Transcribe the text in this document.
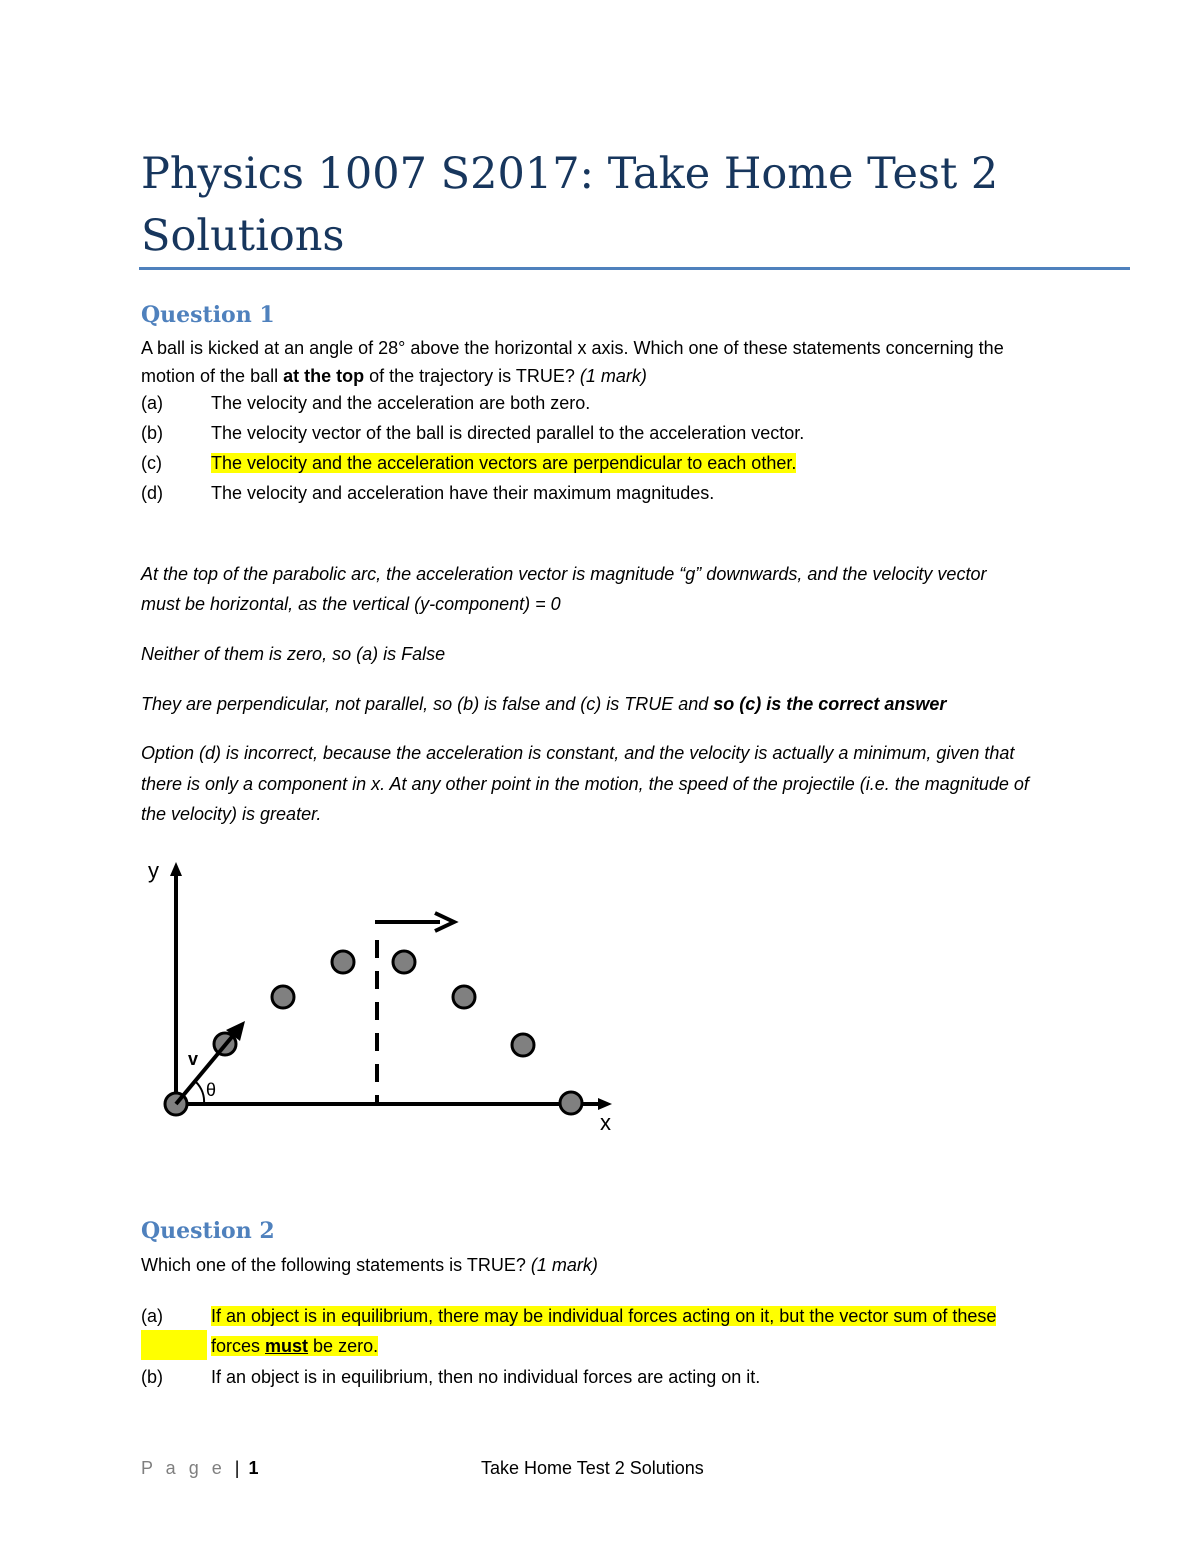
Physics 1007 S2017: Take Home Test 2 Solutions
Question 1

A ball is kicked at an angle of 28° above the horizontal x axis. Which one of these statements concerning the

motion of the ball at the top of the trajectory is TRUE? (1 mark)

(a)	The velocity and the acceleration are both zero.
(b)	The velocity vector of the ball is directed parallel to the acceleration vector.
(c)	The velocity and the acceleration vectors are perpendicular to each other.
(d)	The velocity and acceleration have their maximum magnitudes.

At the top of the parabolic arc, the acceleration vector is magnitude “g” downwards, and the velocity vector

must be horizontal, as the vertical (y-component) = 0

Neither of them is zero, so (a) is False

They are perpendicular, not parallel, so (b) is false and (c) is TRUE and so (c) is the correct answer

Option (d) is incorrect, because the acceleration is constant, and the velocity is actually a minimum, given that

there is only a component in x. At any other point in the motion, the speed of the projectile (i.e. the magnitude of

the velocity) is greater.

y
x
v
θ
Question 2

Which one of the following statements is TRUE? (1 mark)

(a)	If an object is in equilibrium, there may be individual forces acting on it, but the vector sum of these
forces must be zero.
(b)	If an object is in equilibrium, then no individual forces are acting on it.
P a g e | 1	Take Home Test 2 Solutions
